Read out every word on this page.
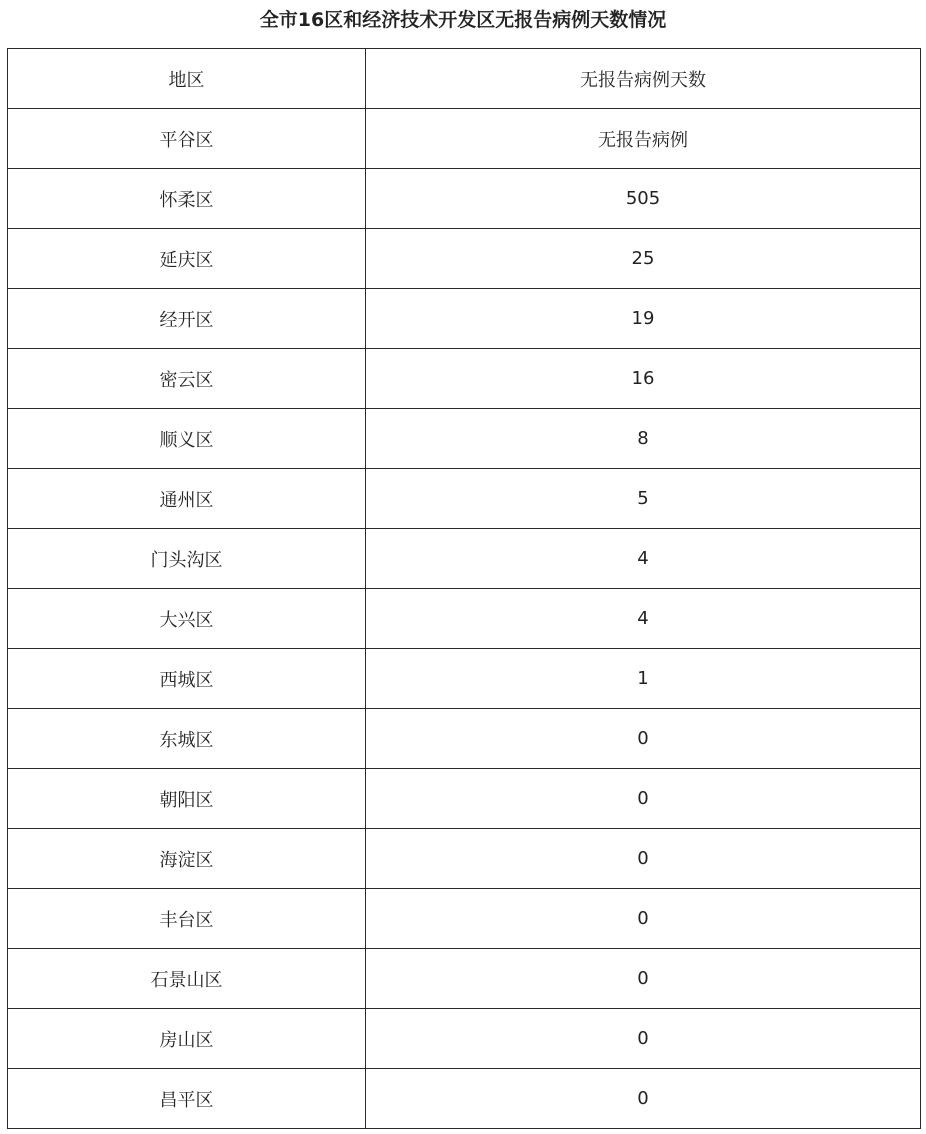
全市16区和经济技术开发区无报告病例天数情况
地区	无报告病例天数
平谷区	无报告病例
怀柔区	505
延庆区	25
经开区	19
密云区	16
顺义区	8
通州区	5
门头沟区	4
大兴区	4
西城区	1
东城区	0
朝阳区	0
海淀区	0
丰台区	0
石景山区	0
房山区	0
昌平区	0
